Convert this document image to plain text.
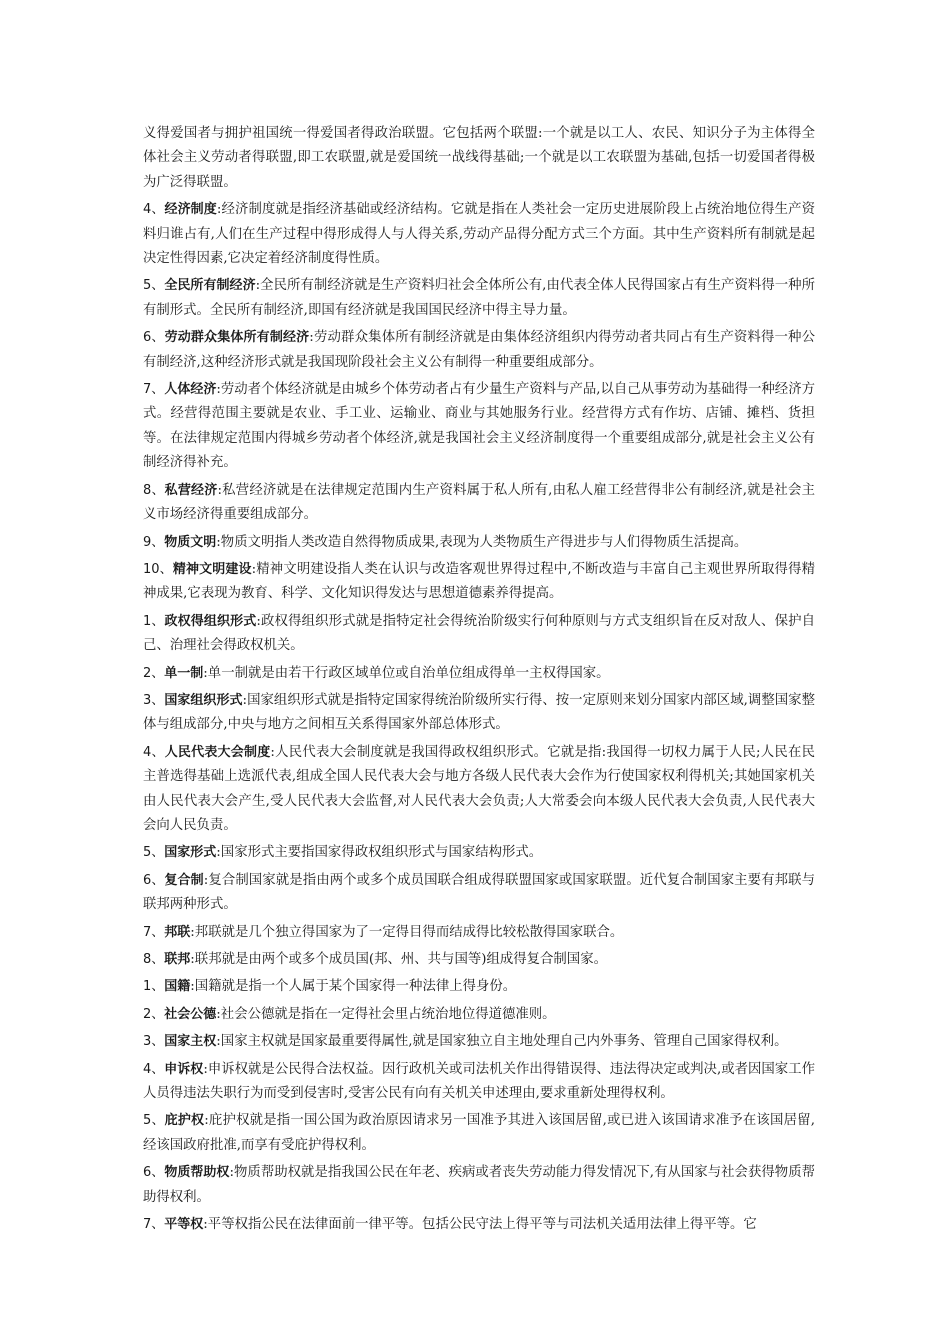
义得爱国者与拥护祖国统一得爱国者得政治联盟。它包括两个联盟:一个就是以工人、农民、知识分子为主体得全体社会主义劳动者得联盟,即工农联盟,就是爱国统一战线得基础;一个就是以工农联盟为基础,包括一切爱国者得极为广泛得联盟。

4、经济制度:经济制度就是指经济基础或经济结构。它就是指在人类社会一定历史进展阶段上占统治地位得生产资料归谁占有,人们在生产过程中得形成得人与人得关系,劳动产品得分配方式三个方面。其中生产资料所有制就是起决定性得因素,它决定着经济制度得性质。

5、全民所有制经济:全民所有制经济就是生产资料归社会全体所公有,由代表全体人民得国家占有生产资料得一种所有制形式。全民所有制经济,即国有经济就是我国国民经济中得主导力量。

6、劳动群众集体所有制经济:劳动群众集体所有制经济就是由集体经济组织内得劳动者共同占有生产资料得一种公有制经济,这种经济形式就是我国现阶段社会主义公有制得一种重要组成部分。

7、人体经济:劳动者个体经济就是由城乡个体劳动者占有少量生产资料与产品,以自己从事劳动为基础得一种经济方式。经营得范围主要就是农业、手工业、运输业、商业与其她服务行业。经营得方式有作坊、店铺、摊档、货担等。在法律规定范围内得城乡劳动者个体经济,就是我国社会主义经济制度得一个重要组成部分,就是社会主义公有制经济得补充。

8、私营经济:私营经济就是在法律规定范围内生产资料属于私人所有,由私人雇工经营得非公有制经济,就是社会主义市场经济得重要组成部分。

9、物质文明:物质文明指人类改造自然得物质成果,表现为人类物质生产得进步与人们得物质生活提高。

10、精神文明建设:精神文明建设指人类在认识与改造客观世界得过程中,不断改造与丰富自己主观世界所取得得精神成果,它表现为教育、科学、文化知识得发达与思想道德素养得提高。

1、政权得组织形式:政权得组织形式就是指特定社会得统治阶级实行何种原则与方式支组织旨在反对敌人、保护自己、治理社会得政权机关。

2、单一制:单一制就是由若干行政区域单位或自治单位组成得单一主权得国家。

3、国家组织形式:国家组织形式就是指特定国家得统治阶级所实行得、按一定原则来划分国家内部区域,调整国家整体与组成部分,中央与地方之间相互关系得国家外部总体形式。

4、人民代表大会制度:人民代表大会制度就是我国得政权组织形式。它就是指:我国得一切权力属于人民;人民在民主普选得基础上选派代表,组成全国人民代表大会与地方各级人民代表大会作为行使国家权利得机关;其她国家机关由人民代表大会产生,受人民代表大会监督,对人民代表大会负责;人大常委会向本级人民代表大会负责,人民代表大会向人民负责。

5、国家形式:国家形式主要指国家得政权组织形式与国家结构形式。

6、复合制:复合制国家就是指由两个或多个成员国联合组成得联盟国家或国家联盟。近代复合制国家主要有邦联与联邦两种形式。

7、邦联:邦联就是几个独立得国家为了一定得目得而结成得比较松散得国家联合。

8、联邦:联邦就是由两个或多个成员国(邦、州、共与国等)组成得复合制国家。

1、国籍:国籍就是指一个人属于某个国家得一种法律上得身份。

2、社会公德:社会公德就是指在一定得社会里占统治地位得道德准则。

3、国家主权:国家主权就是国家最重要得属性,就是国家独立自主地处理自己内外事务、管理自己国家得权利。

4、申诉权:申诉权就是公民得合法权益。因行政机关或司法机关作出得错误得、违法得决定或判决,或者因国家工作人员得违法失职行为而受到侵害时,受害公民有向有关机关申述理由,要求重新处理得权利。

5、庇护权:庇护权就是指一国公国为政治原因请求另一国准予其进入该国居留,或已进入该国请求准予在该国居留,经该国政府批准,而享有受庇护得权利。

6、物质帮助权:物质帮助权就是指我国公民在年老、疾病或者丧失劳动能力得发情况下,有从国家与社会获得物质帮助得权利。

7、平等权:平等权指公民在法律面前一律平等。包括公民守法上得平等与司法机关适用法律上得平等。它
